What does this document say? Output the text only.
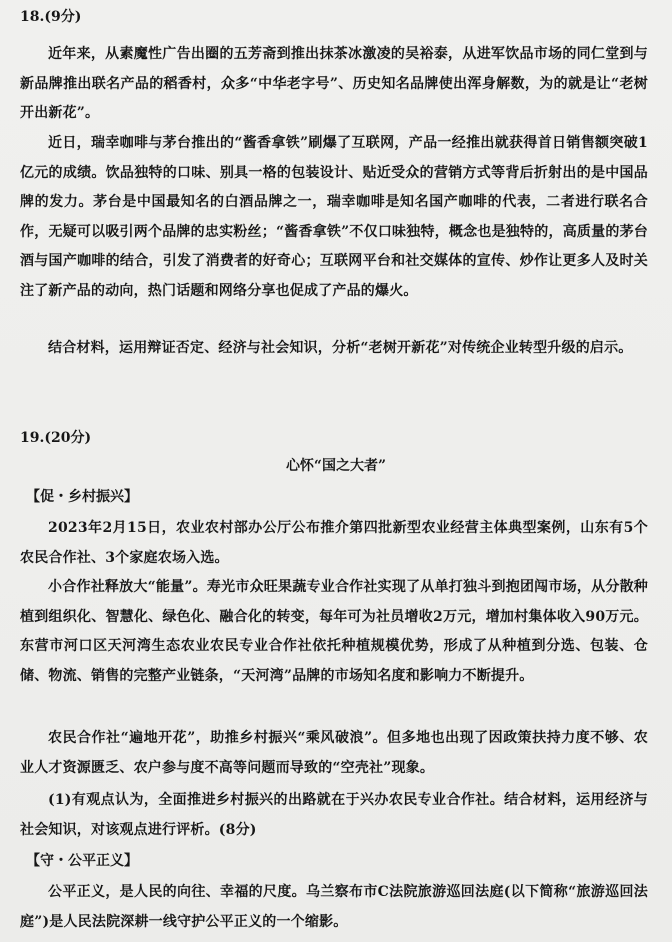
18.(9分)
近年来，从素魔性广告出圈的五芳斋到推出抹茶冰激凌的吴裕泰，从进军饮品市场的同仁堂到与新品牌推出联名产品的稻香村，众多“中华老字号”、历史知名品牌使出浑身解数，为的就是让“老树开出新花”。
近日，瑞幸咖啡与茅台推出的“酱香拿铁”刷爆了互联网，产品一经推出就获得首日销售额突破1亿元的成绩。饮品独特的口味、别具一格的包装设计、贴近受众的营销方式等背后折射出的是中国品牌的发力。茅台是中国最知名的白酒品牌之一，瑞幸咖啡是知名国产咖啡的代表，二者进行联名合作，无疑可以吸引两个品牌的忠实粉丝；“酱香拿铁”不仅口味独特，概念也是独特的，高质量的茅台酒与国产咖啡的结合，引发了消费者的好奇心；互联网平台和社交媒体的宣传、炒作让更多人及时关注了新产品的动向，热门话题和网络分享也促成了产品的爆火。
结合材料，运用辩证否定、经济与社会知识，分析“老树开新花”对传统企业转型升级的启示。
19.(20分)
心怀“国之大者”
【促・乡村振兴】
2023年2月15日，农业农村部办公厅公布推介第四批新型农业经营主体典型案例，山东有5个农民合作社、3个家庭农场入选。
小合作社释放大“能量”。寿光市众旺果蔬专业合作社实现了从单打独斗到抱团闯市场，从分散种植到组织化、智慧化、绿色化、融合化的转变，每年可为社员增收2万元，增加村集体收入90万元。东营市河口区天河湾生态农业农民专业合作社依托种植规模优势，形成了从种植到分选、包装、仓储、物流、销售的完整产业链条，“天河湾”品牌的市场知名度和影响力不断提升。
农民合作社“遍地开花”，助推乡村振兴“乘风破浪”。但多地也出现了因政策扶持力度不够、农业人才资源匮乏、农户参与度不高等问题而导致的“空壳社”现象。
(1)有观点认为，全面推进乡村振兴的出路就在于兴办农民专业合作社。结合材料，运用经济与社会知识，对该观点进行评析。(8分)
【守・公平正义】
公平正义，是人民的向往、幸福的尺度。乌兰察布市C法院旅游巡回法庭(以下简称“旅游巡回法庭”)是人民法院深耕一线守护公平正义的一个缩影。
